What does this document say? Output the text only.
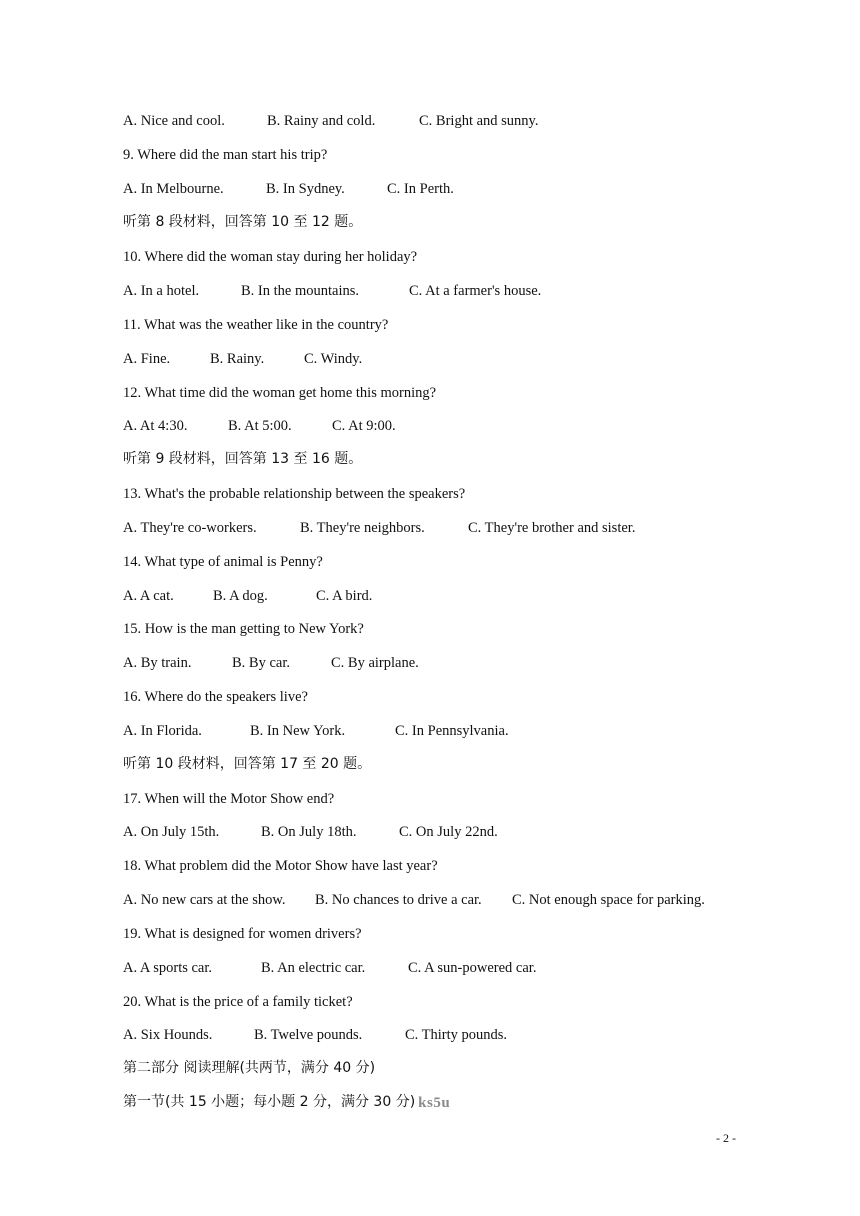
A. Nice and cool.	B. Rainy and cold.	C. Bright and sunny.
9. Where did the man start his trip?
A. In Melbourne.	B. In Sydney.	C. In Perth.
听第 8 段材料，回答第 10 至 12 题。
10. Where did the woman stay during her holiday?
A. In a hotel.	B. In the mountains.	C. At a farmer's house.
11. What was the weather like in the country?
A. Fine.	B. Rainy.	C. Windy.
12. What time did the woman get home this morning?
A. At 4:30.	B. At 5:00.	C. At 9:00.
听第 9 段材料，回答第 13 至 16 题。
13. What's the probable relationship between the speakers?
A. They're co-workers.	B. They're neighbors.	C. They're brother and sister.
14. What type of animal is Penny?
A. A cat.	B. A dog.	C. A bird.
15. How is the man getting to New York?
A. By train.	B. By car.	C. By airplane.
16. Where do the speakers live?
A. In Florida.	B. In New York.	C. In Pennsylvania.
听第 10 段材料，回答第 17 至 20 题。
17. When will the Motor Show end?
A. On July 15th.	B. On July 18th.	C. On July 22nd.
18. What problem did the Motor Show have last year?
A. No new cars at the show. B. No chances to drive a car. C. Not enough space for parking.
19. What is designed for women drivers?
A. A sports car.	B. An electric car.	C. A sun-powered car.
20. What is the price of a family ticket?
A. Six Hounds.	B. Twelve pounds.	C. Thirty pounds.
第二部分 阅读理解(共两节，满分 40 分)
第一节(共 15 小题；每小题 2 分，满分 30 分) ks5u
- 2 -
